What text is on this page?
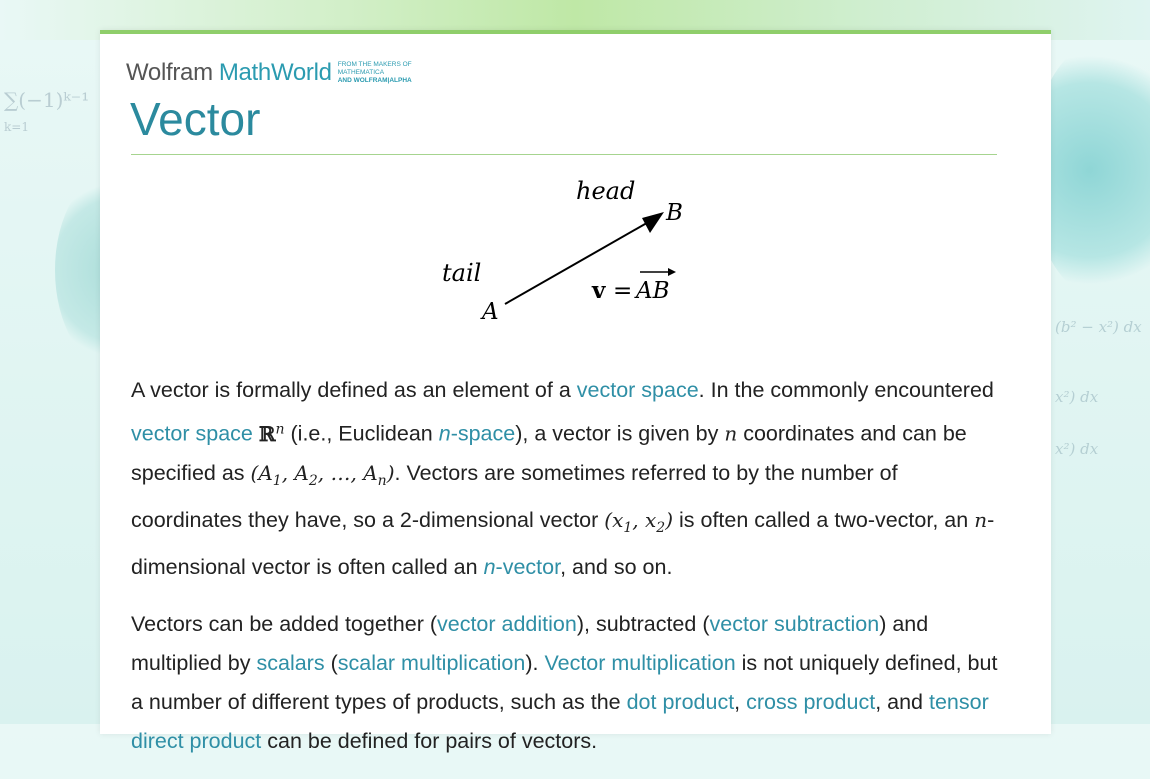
∑(−1)ᵏ⁻¹
k=1
(b² − x²) dx
x²) dx
x²) dx
Wolfram MathWorld FROM THE MAKERS OF MATHEMATICA
AND WOLFRAM|ALPHA
Vector
head
B
tail
A
v = AB

A vector is formally defined as an element of a vector space. In the commonly encountered vector space ℝ$^n$ (i.e., Euclidean n-space), a vector is given by n coordinates and can be specified as ($A_1$, $A_2$, …, $A_n$). Vectors are sometimes referred to by the number of coordinates they have, so a 2-dimensional vector ($x_1$, $x_2$) is often called a two-vector, an n-dimensional vector is often called an n-vector, and so on.

Vectors can be added together (vector addition), subtracted (vector subtraction) and multiplied by scalars (scalar multiplication). Vector multiplication is not uniquely defined, but a number of different types of products, such as the dot product, cross product, and tensor direct product can be defined for pairs of vectors.
